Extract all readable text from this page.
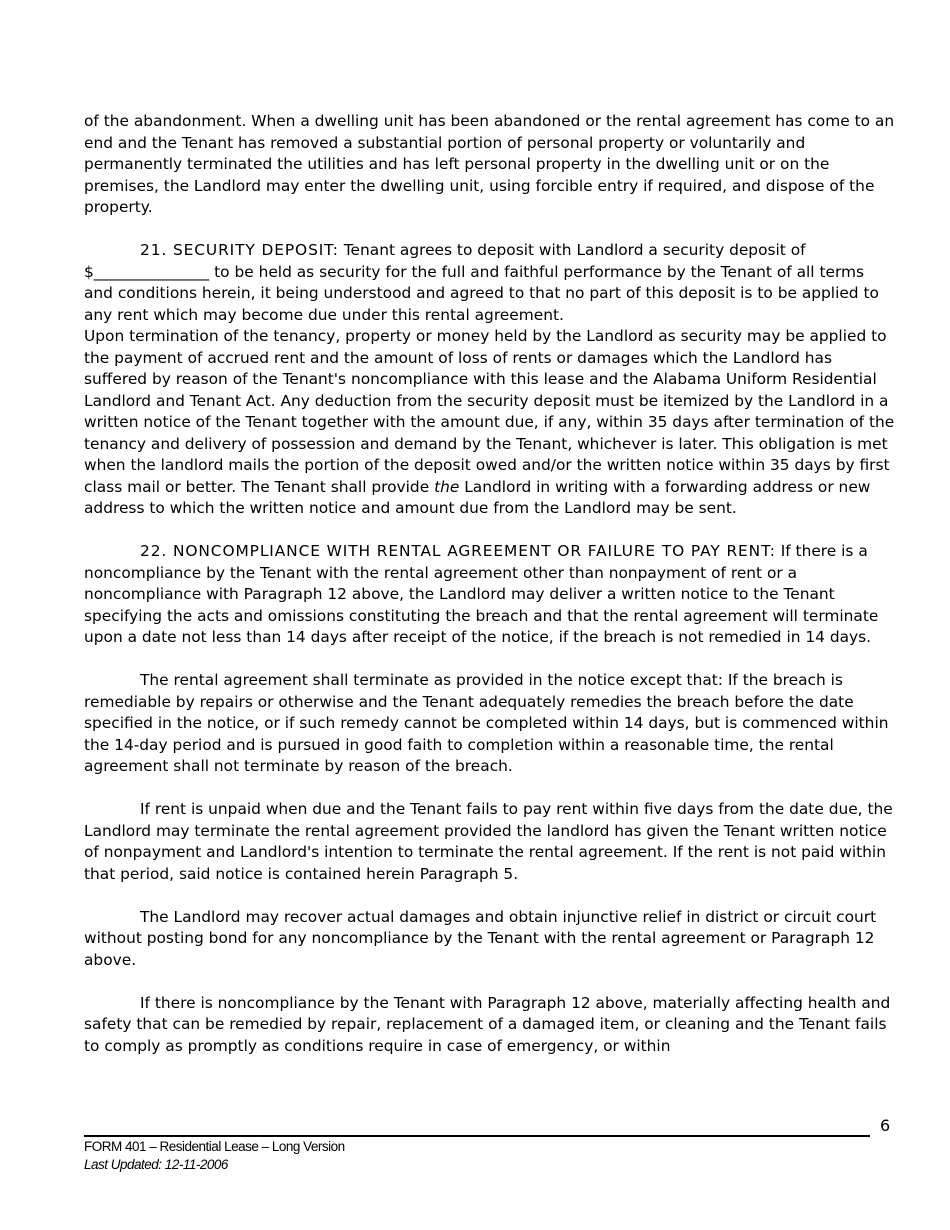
of the abandonment. When a dwelling unit has been abandoned or the rental agreement has come to an end and the Tenant has removed a substantial portion of personal property or voluntarily and permanently terminated the utilities and has left personal property in the dwelling unit or on the premises, the Landlord may enter the dwelling unit, using forcible entry if required, and dispose of the property.

21. SECURITY DEPOSIT: Tenant agrees to deposit with Landlord a security deposit of $_______________ to be held as security for the full and faithful performance by the Tenant of all terms and conditions herein, it being understood and agreed to that no part of this deposit is to be applied to any rent which may become due under this rental agreement.

Upon termination of the tenancy, property or money held by the Landlord as security may be applied to the payment of accrued rent and the amount of loss of rents or damages which the Landlord has suffered by reason of the Tenant's noncompliance with this lease and the Alabama Uniform Residential Landlord and Tenant Act. Any deduction from the security deposit must be itemized by the Landlord in a written notice of the Tenant together with the amount due, if any, within 35 days after termination of the tenancy and delivery of possession and demand by the Tenant, whichever is later. This obligation is met when the landlord mails the portion of the deposit owed and/or the written notice within 35 days by first class mail or better. The Tenant shall provide the Landlord in writing with a forwarding address or new address to which the written notice and amount due from the Landlord may be sent.

22. NONCOMPLIANCE WITH RENTAL AGREEMENT OR FAILURE TO PAY RENT: If there is a noncompliance by the Tenant with the rental agreement other than nonpayment of rent or a noncompliance with Paragraph 12 above, the Landlord may deliver a written notice to the Tenant specifying the acts and omissions constituting the breach and that the rental agreement will terminate upon a date not less than 14 days after receipt of the notice, if the breach is not remedied in 14 days.

The rental agreement shall terminate as provided in the notice except that: If the breach is remediable by repairs or otherwise and the Tenant adequately remedies the breach before the date specified in the notice, or if such remedy cannot be completed within 14 days, but is commenced within the 14-day period and is pursued in good faith to completion within a reasonable time, the rental agreement shall not terminate by reason of the breach.

If rent is unpaid when due and the Tenant fails to pay rent within five days from the date due, the Landlord may terminate the rental agreement provided the landlord has given the Tenant written notice of nonpayment and Landlord's intention to terminate the rental agreement. If the rent is not paid within that period, said notice is contained herein Paragraph 5.

The Landlord may recover actual damages and obtain injunctive relief in district or circuit court without posting bond for any noncompliance by the Tenant with the rental agreement or Paragraph 12 above.

If there is noncompliance by the Tenant with Paragraph 12 above, materially affecting health and safety that can be remedied by repair, replacement of a damaged item, or cleaning and the Tenant fails to comply as promptly as conditions require in case of emergency, or within

6
FORM 401 – Residential Lease – Long Version
Last Updated: 12-11-2006
